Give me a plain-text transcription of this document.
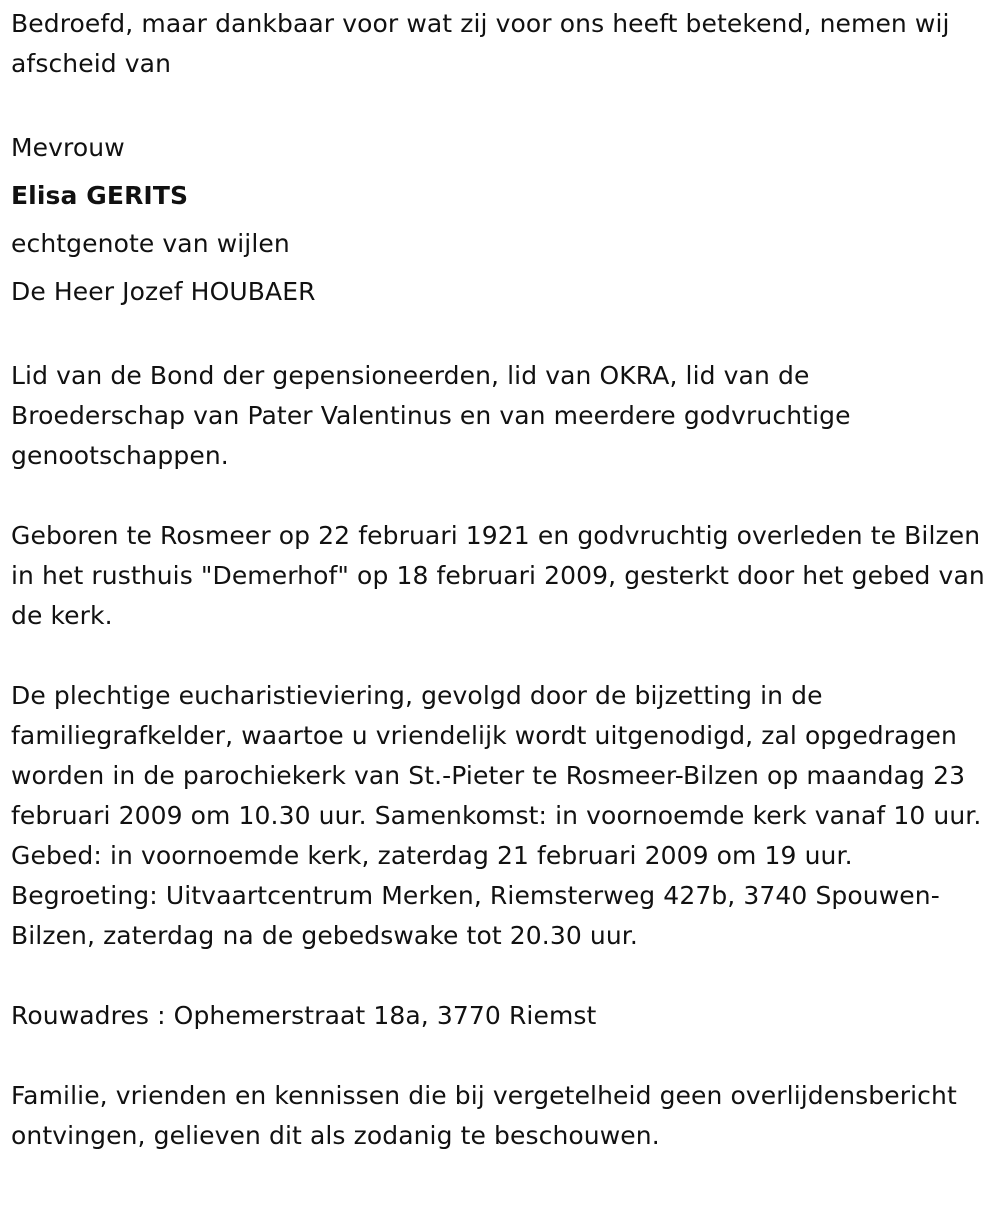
Bedroefd, maar dankbaar voor wat zij voor ons heeft betekend, nemen wij afscheid van

Mevrouw

Elisa GERITS

echtgenote van wijlen

De Heer Jozef HOUBAER

Lid van de Bond der gepensioneerden, lid van OKRA, lid van de Broederschap van Pater Valentinus en van meerdere godvruchtige genootschappen.

Geboren te Rosmeer op 22 februari 1921 en godvruchtig overleden te Bilzen in het rusthuis "Demerhof" op 18 februari 2009, gesterkt door het gebed van de kerk.

De plechtige eucharistieviering, gevolgd door de bijzetting in de familiegrafkelder, waartoe u vriendelijk wordt uitgenodigd, zal opgedragen worden in de parochiekerk van St.-Pieter te Rosmeer-Bilzen op maandag 23 februari 2009 om 10.30 uur. Samenkomst: in voornoemde kerk vanaf 10 uur. Gebed: in voornoemde kerk, zaterdag 21 februari 2009 om 19 uur. Begroeting: Uitvaartcentrum Merken, Riemsterweg 427b, 3740 Spouwen-Bilzen, zaterdag na de gebedswake tot 20.30 uur.

Rouwadres : Ophemerstraat 18a, 3770 Riemst

Familie, vrienden en kennissen die bij vergetelheid geen overlijdensbericht ontvingen, gelieven dit als zodanig te beschouwen.
